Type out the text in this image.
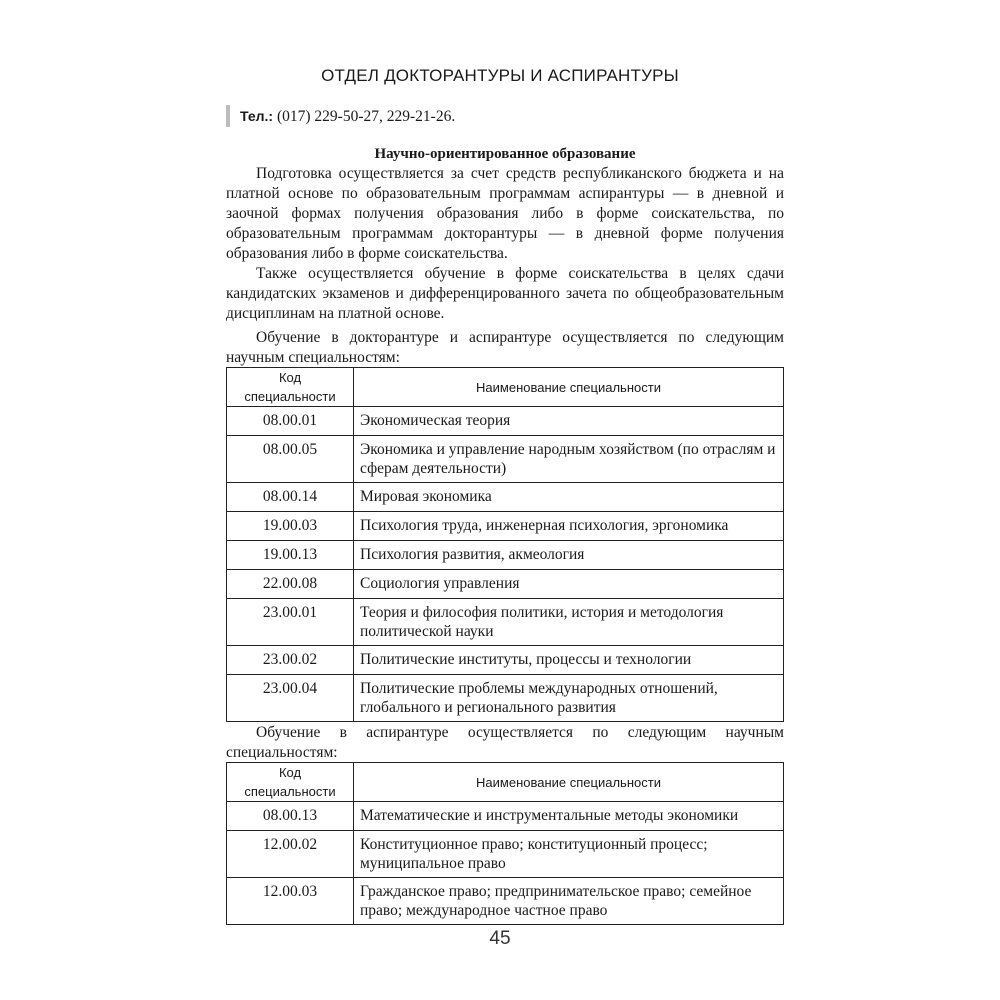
ОТДЕЛ ДОКТОРАНТУРЫ И АСПИРАНТУРЫ
Тел.: (017) 229-50-27, 229-21-26.
Научно-ориентированное образование

Подготовка осуществляется за счет средств республиканского бюджета и на платной основе по образовательным программам аспирантуры — в дневной и заочной формах получения образования либо в форме соискательства, по образовательным программам докторантуры — в дневной форме получения образования либо в форме соискательства.

Также осуществляется обучение в форме соискательства в целях сдачи кандидатских экзаменов и дифференцированного зачета по общеобразовательным дисциплинам на платной основе.

Обучение в докторантуре и аспирантуре осуществляется по следующим научным специальностям:

Код специальности	Наименование специальности
08.00.01	Экономическая теория
08.00.05	Экономика и управление народным хозяйством (по отраслям и сферам деятельности)
08.00.14	Мировая экономика
19.00.03	Психология труда, инженерная психология, эргономика
19.00.13	Психология развития, акмеология
22.00.08	Социология управления
23.00.01	Теория и философия политики, история и методология политической науки
23.00.02	Политические институты, процессы и технологии
23.00.04	Политические проблемы международных отношений, глобального и регионального развития

Обучение в аспирантуре осуществляется по следующим научным специальностям:

Код специальности	Наименование специальности
08.00.13	Математические и инструментальные методы экономики
12.00.02	Конституционное право; конституционный процесс; муниципальное право
12.00.03	Гражданское право; предпринимательское право; семейное право; международное частное право
45
